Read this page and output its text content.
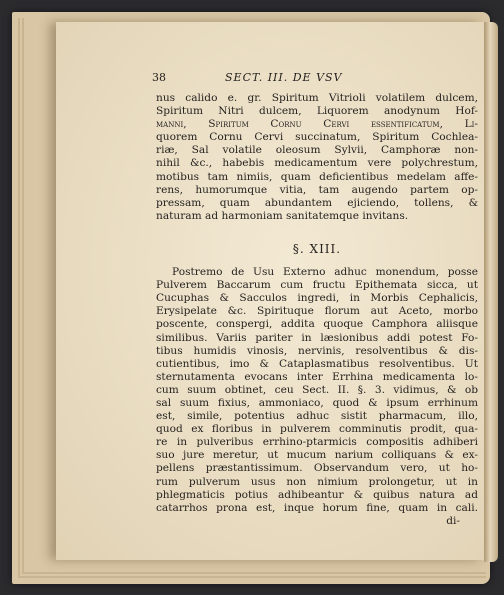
38	SECT. III. DE VSV
nus calido e. gr. Spiritum Vitrioli volatilem dulcem,
Spiritum Nitri dulcem, Liquorem anodynum Hof-
manni, Spiritum Cornu Cervi essentificatum, Li-
quorem Cornu Cervi succinatum, Spiritum Cochlea-
riæ, Sal volatile oleosum Sylvii, Camphoræ non-
nihil &c., habebis medicamentum vere polychrestum,
motibus tam nimiis, quam deficientibus medelam affe-
rens, humorumque vitia, tam augendo partem op-
pressam, quam abundantem ejiciendo, tollens, &
naturam ad harmoniam sanitatemque invitans.
§. XIII.
Postremo de Usu Externo adhuc monendum, posse
Pulverem Baccarum cum fructu Epithemata sicca, ut
Cucuphas & Sacculos ingredi, in Morbis Cephalicis,
Erysipelate &c. Spirituque florum aut Aceto, morbo
poscente, conspergi, addita quoque Camphora aliisque
similibus. Variis pariter in læsionibus addi potest Fo-
tibus humidis vinosis, nervinis, resolventibus & dis-
cutientibus, imo & Cataplasmatibus resolventibus. Ut
sternutamenta evocans inter Errhina medicamenta lo-
cum suum obtinet, ceu Sect. II. §. 3. vidimus, & ob
sal suum fixius, ammoniaco, quod & ipsum errhinum
est, simile, potentius adhuc sistit pharmacum, illo,
quod ex floribus in pulverem comminutis prodit, qua-
re in pulveribus errhino-ptarmicis compositis adhiberi
suo jure meretur, ut mucum narium colliquans & ex-
pellens præstantissimum. Observandum vero, ut ho-
rum pulverum usus non nimium prolongetur, ut in
phlegmaticis potius adhibeantur & quibus natura ad
catarrhos prona est, inque horum fine, quam in cali.
di-
